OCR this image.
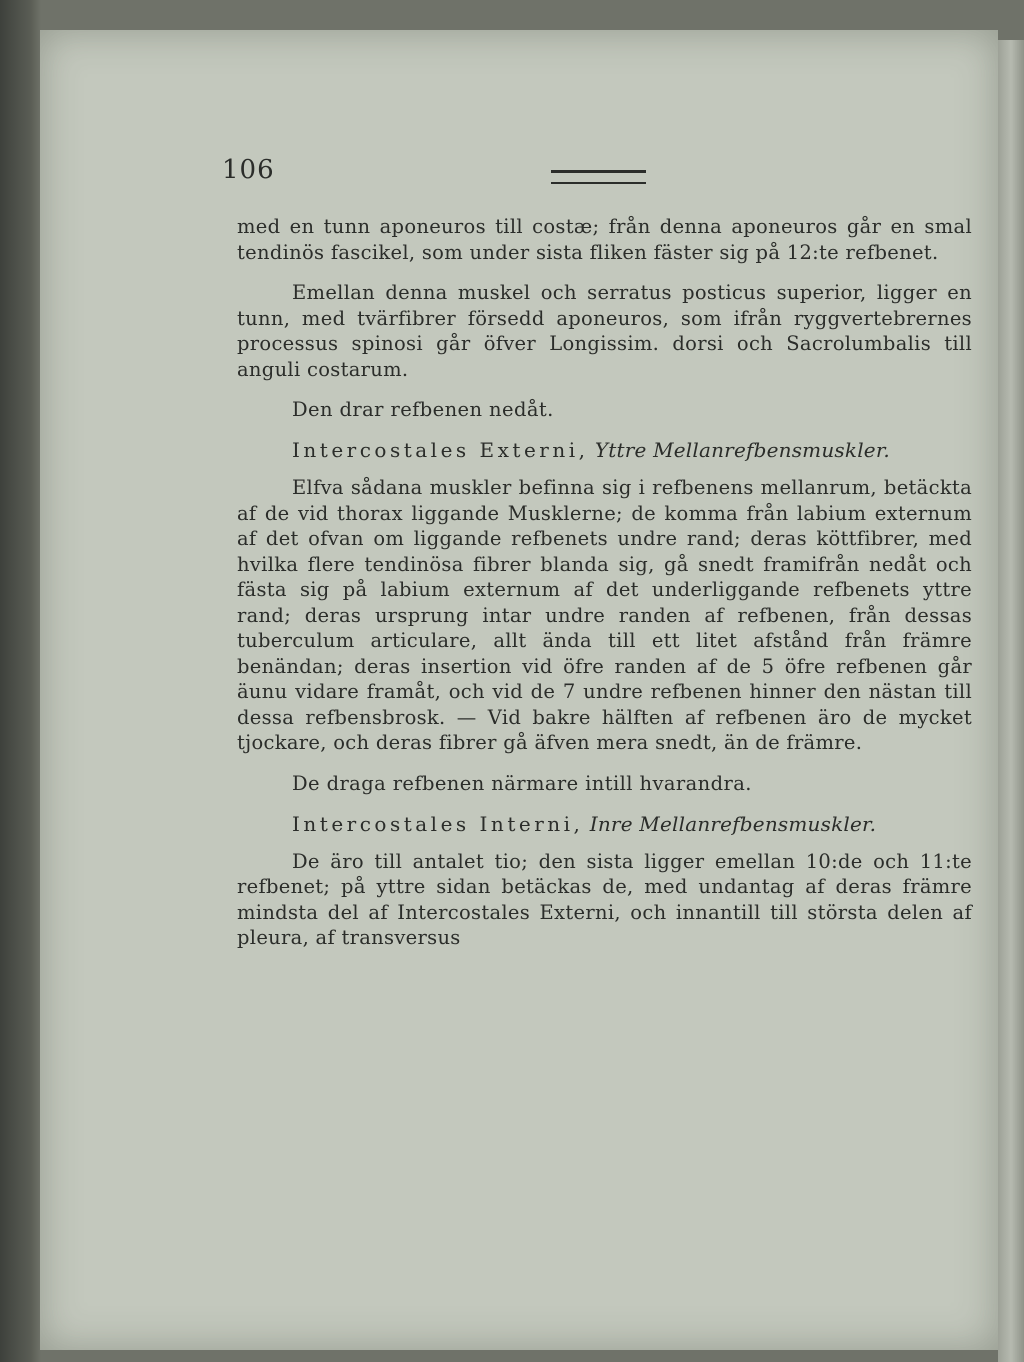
106

med en tunn aponeuros till costæ; från denna aponeuros går en smal tendinös fascikel, som under sista fliken fäster sig på 12:te refbenet.

Emellan denna muskel och serratus posticus superior, ligger en tunn, med tvärfibrer försedd aponeuros, som ifrån ryggvertebrernes processus spinosi går öfver Longissim. dorsi och Sacrolumbalis till anguli costarum.

Den drar refbenen nedåt.

Intercostales Externi, Yttre Mellanrefbensmuskler.

Elfva sådana muskler befinna sig i refbenens mellanrum, betäckta af de vid thorax liggande Musklerne; de komma från labium externum af det ofvan om liggande refbenets undre rand; deras köttfibrer, med hvilka flere tendinösa fibrer blanda sig, gå snedt framifrån nedåt och fästa sig på labium externum af det underliggande refbenets yttre rand; deras ursprung intar undre randen af refbenen, från dessas tuberculum articulare, allt ända till ett litet afstånd från främre benändan; deras insertion vid öfre randen af de 5 öfre refbenen går äunu vidare framåt, och vid de 7 undre refbenen hinner den nästan till dessa refbensbrosk. — Vid bakre hälften af refbenen äro de mycket tjockare, och deras fibrer gå äfven mera snedt, än de främre.

De draga refbenen närmare intill hvarandra.

Intercostales Interni, Inre Mellanrefbensmuskler.

De äro till antalet tio; den sista ligger emellan 10:de och 11:te refbenet; på yttre sidan betäckas de, med undantag af deras främre mindsta del af Intercostales Externi, och innantill till största delen af pleura, af transversus
